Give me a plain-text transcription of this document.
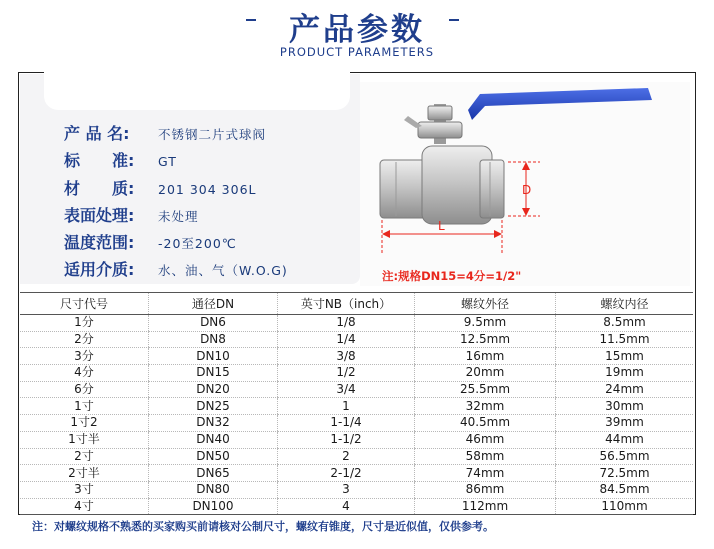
产品参数
PRODUCT PARAMETERS
产 品 名: 不锈钢二片式球阀
标　　准: GT
材　　质: 201 304 306L
表面处理: 未处理
温度范围: -20至200℃
适用介质: 水、油、气（W.O.G)
D
L
注:规格DN15=4分=1/2"
尺寸代号	通径DN	英寸NB（inch）	螺纹外径	螺纹内径
1分	DN6	1/8	9.5mm	8.5mm
2分	DN8	1/4	12.5mm	11.5mm
3分	DN10	3/8	16mm	15mm
4分	DN15	1/2	20mm	19mm
6分	DN20	3/4	25.5mm	24mm
1寸	DN25	1	32mm	30mm
1寸2	DN32	1-1/4	40.5mm	39mm
1寸半	DN40	1-1/2	46mm	44mm
2寸	DN50	2	58mm	56.5mm
2寸半	DN65	2-1/2	74mm	72.5mm
3寸	DN80	3	86mm	84.5mm
4寸	DN100	4	112mm	110mm
注：对螺纹规格不熟悉的买家购买前请核对公制尺寸，螺纹有锥度，尺寸是近似值，仅供参考。
